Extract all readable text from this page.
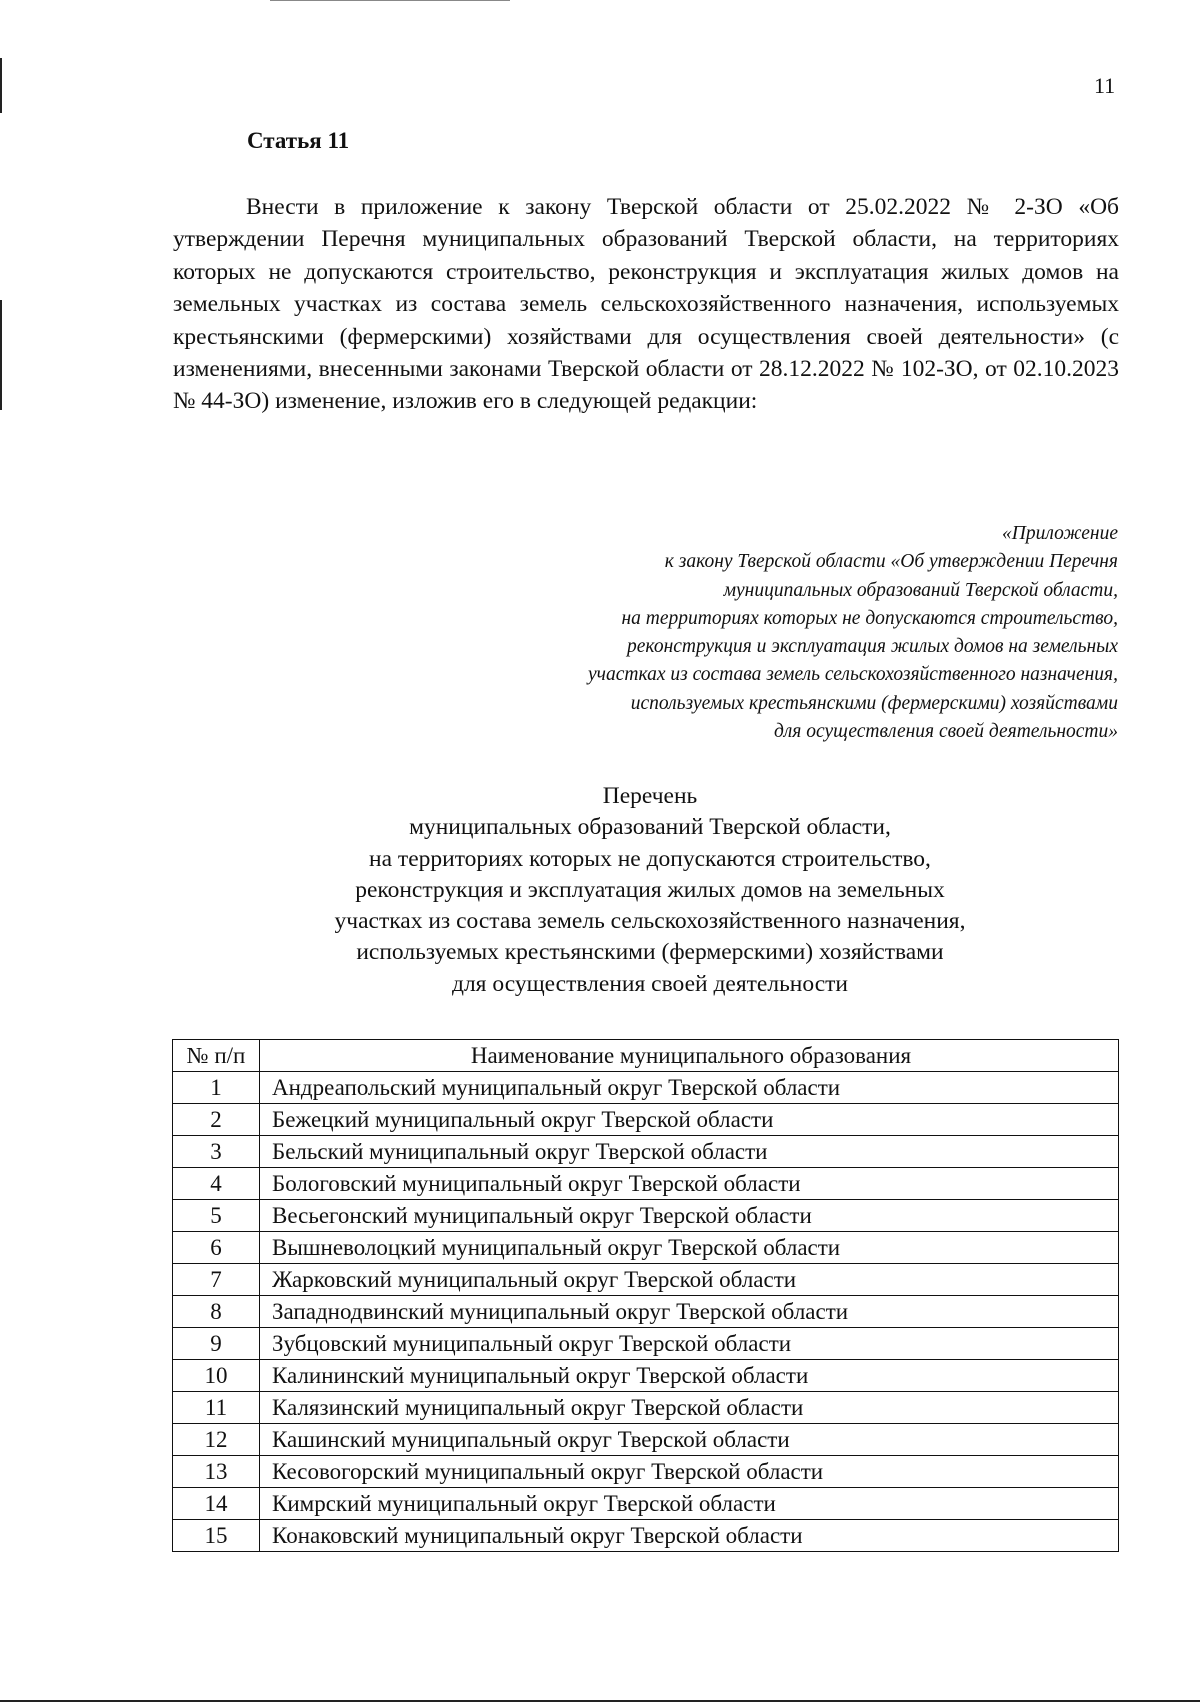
11
Статья 11

Внести в приложение к закону Тверской области от 25.02.2022 № 2-ЗО «Об утверждении Перечня муниципальных образований Тверской области, на территориях которых не допускаются строительство, реконструкция и эксплуатация жилых домов на земельных участках из состава земель сельскохозяйственного назначения, используемых крестьянскими (фермерскими) хозяйствами для осуществления своей деятельности» (с изменениями, внесенными законами Тверской области от 28.12.2022 № 102-ЗО, от 02.10.2023 № 44-ЗО) изменение, изложив его в следующей редакции:

«Приложение
к закону Тверской области «Об утверждении Перечня
муниципальных образований Тверской области,
на территориях которых не допускаются строительство,
реконструкция и эксплуатация жилых домов на земельных
участках из состава земель сельскохозяйственного назначения,
используемых крестьянскими (фермерскими) хозяйствами
для осуществления своей деятельности»
Перечень
муниципальных образований Тверской области,
на территориях которых не допускаются строительство,
реконструкция и эксплуатация жилых домов на земельных
участках из состава земель сельскохозяйственного назначения,
используемых крестьянскими (фермерскими) хозяйствами
для осуществления своей деятельности
№ п/п	Наименование муниципального образования
1	Андреапольский муниципальный округ Тверской области
2	Бежецкий муниципальный округ Тверской области
3	Бельский муниципальный округ Тверской области
4	Бологовский муниципальный округ Тверской области
5	Весьегонский муниципальный округ Тверской области
6	Вышневолоцкий муниципальный округ Тверской области
7	Жарковский муниципальный округ Тверской области
8	Западнодвинский муниципальный округ Тверской области
9	Зубцовский муниципальный округ Тверской области
10	Калининский муниципальный округ Тверской области
11	Калязинский муниципальный округ Тверской области
12	Кашинский муниципальный округ Тверской области
13	Кесовогорский муниципальный округ Тверской области
14	Кимрский муниципальный округ Тверской области
15	Конаковский муниципальный округ Тверской области
